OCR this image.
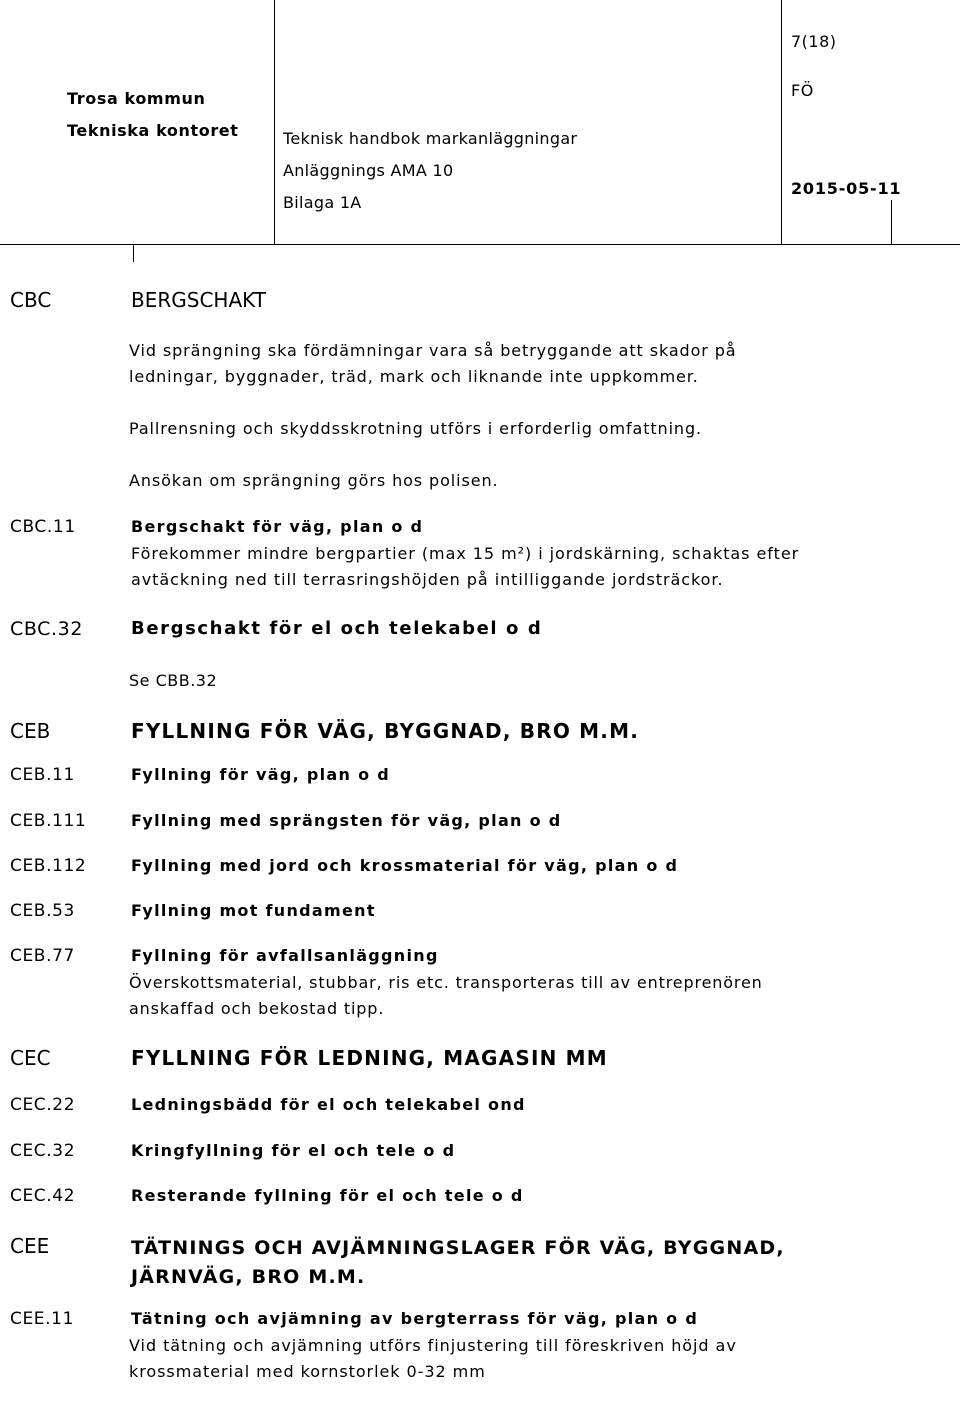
7(18)
Trosa kommun	FÖ
Tekniska kontoret	Teknisk handbok markanläggningar
Anläggnings AMA 10
2015-05-11
Bilaga 1A
CBC	BERGSCHAKT
Vid sprängning ska fördämningar vara så betryggande att skador på
ledningar, byggnader, träd, mark och liknande inte uppkommer.
Pallrensning och skyddsskrotning utförs i erforderlig omfattning.
Ansökan om sprängning görs hos polisen.
CBC.11	Bergschakt för väg, plan o d
Förekommer mindre bergpartier (max 15 m²) i jordskärning, schaktas efter
avtäckning ned till terrasringshöjden på intilliggande jordsträckor.
CBC.32	Bergschakt för el och telekabel o d
Se CBB.32
CEB	FYLLNING FÖR VÄG, BYGGNAD, BRO M.M.
CEB.11	Fyllning för väg, plan o d
CEB.111	Fyllning med sprängsten för väg, plan o d
CEB.112	Fyllning med jord och krossmaterial för väg, plan o d
CEB.53	Fyllning mot fundament
CEB.77	Fyllning för avfallsanläggning
Överskottsmaterial, stubbar, ris etc. transporteras till av entreprenören
anskaffad och bekostad tipp.
CEC	FYLLNING FÖR LEDNING, MAGASIN MM
CEC.22	Ledningsbädd för el och telekabel ond
CEC.32	Kringfyllning för el och tele o d
CEC.42	Resterande fyllning för el och tele o d
CEE	TÄTNINGS OCH AVJÄMNINGSLAGER FÖR VÄG, BYGGNAD,
JÄRNVÄG, BRO M.M.
CEE.11	Tätning och avjämning av bergterrass för väg, plan o d
Vid tätning och avjämning utförs finjustering till föreskriven höjd av
krossmaterial med kornstorlek 0-32 mm
